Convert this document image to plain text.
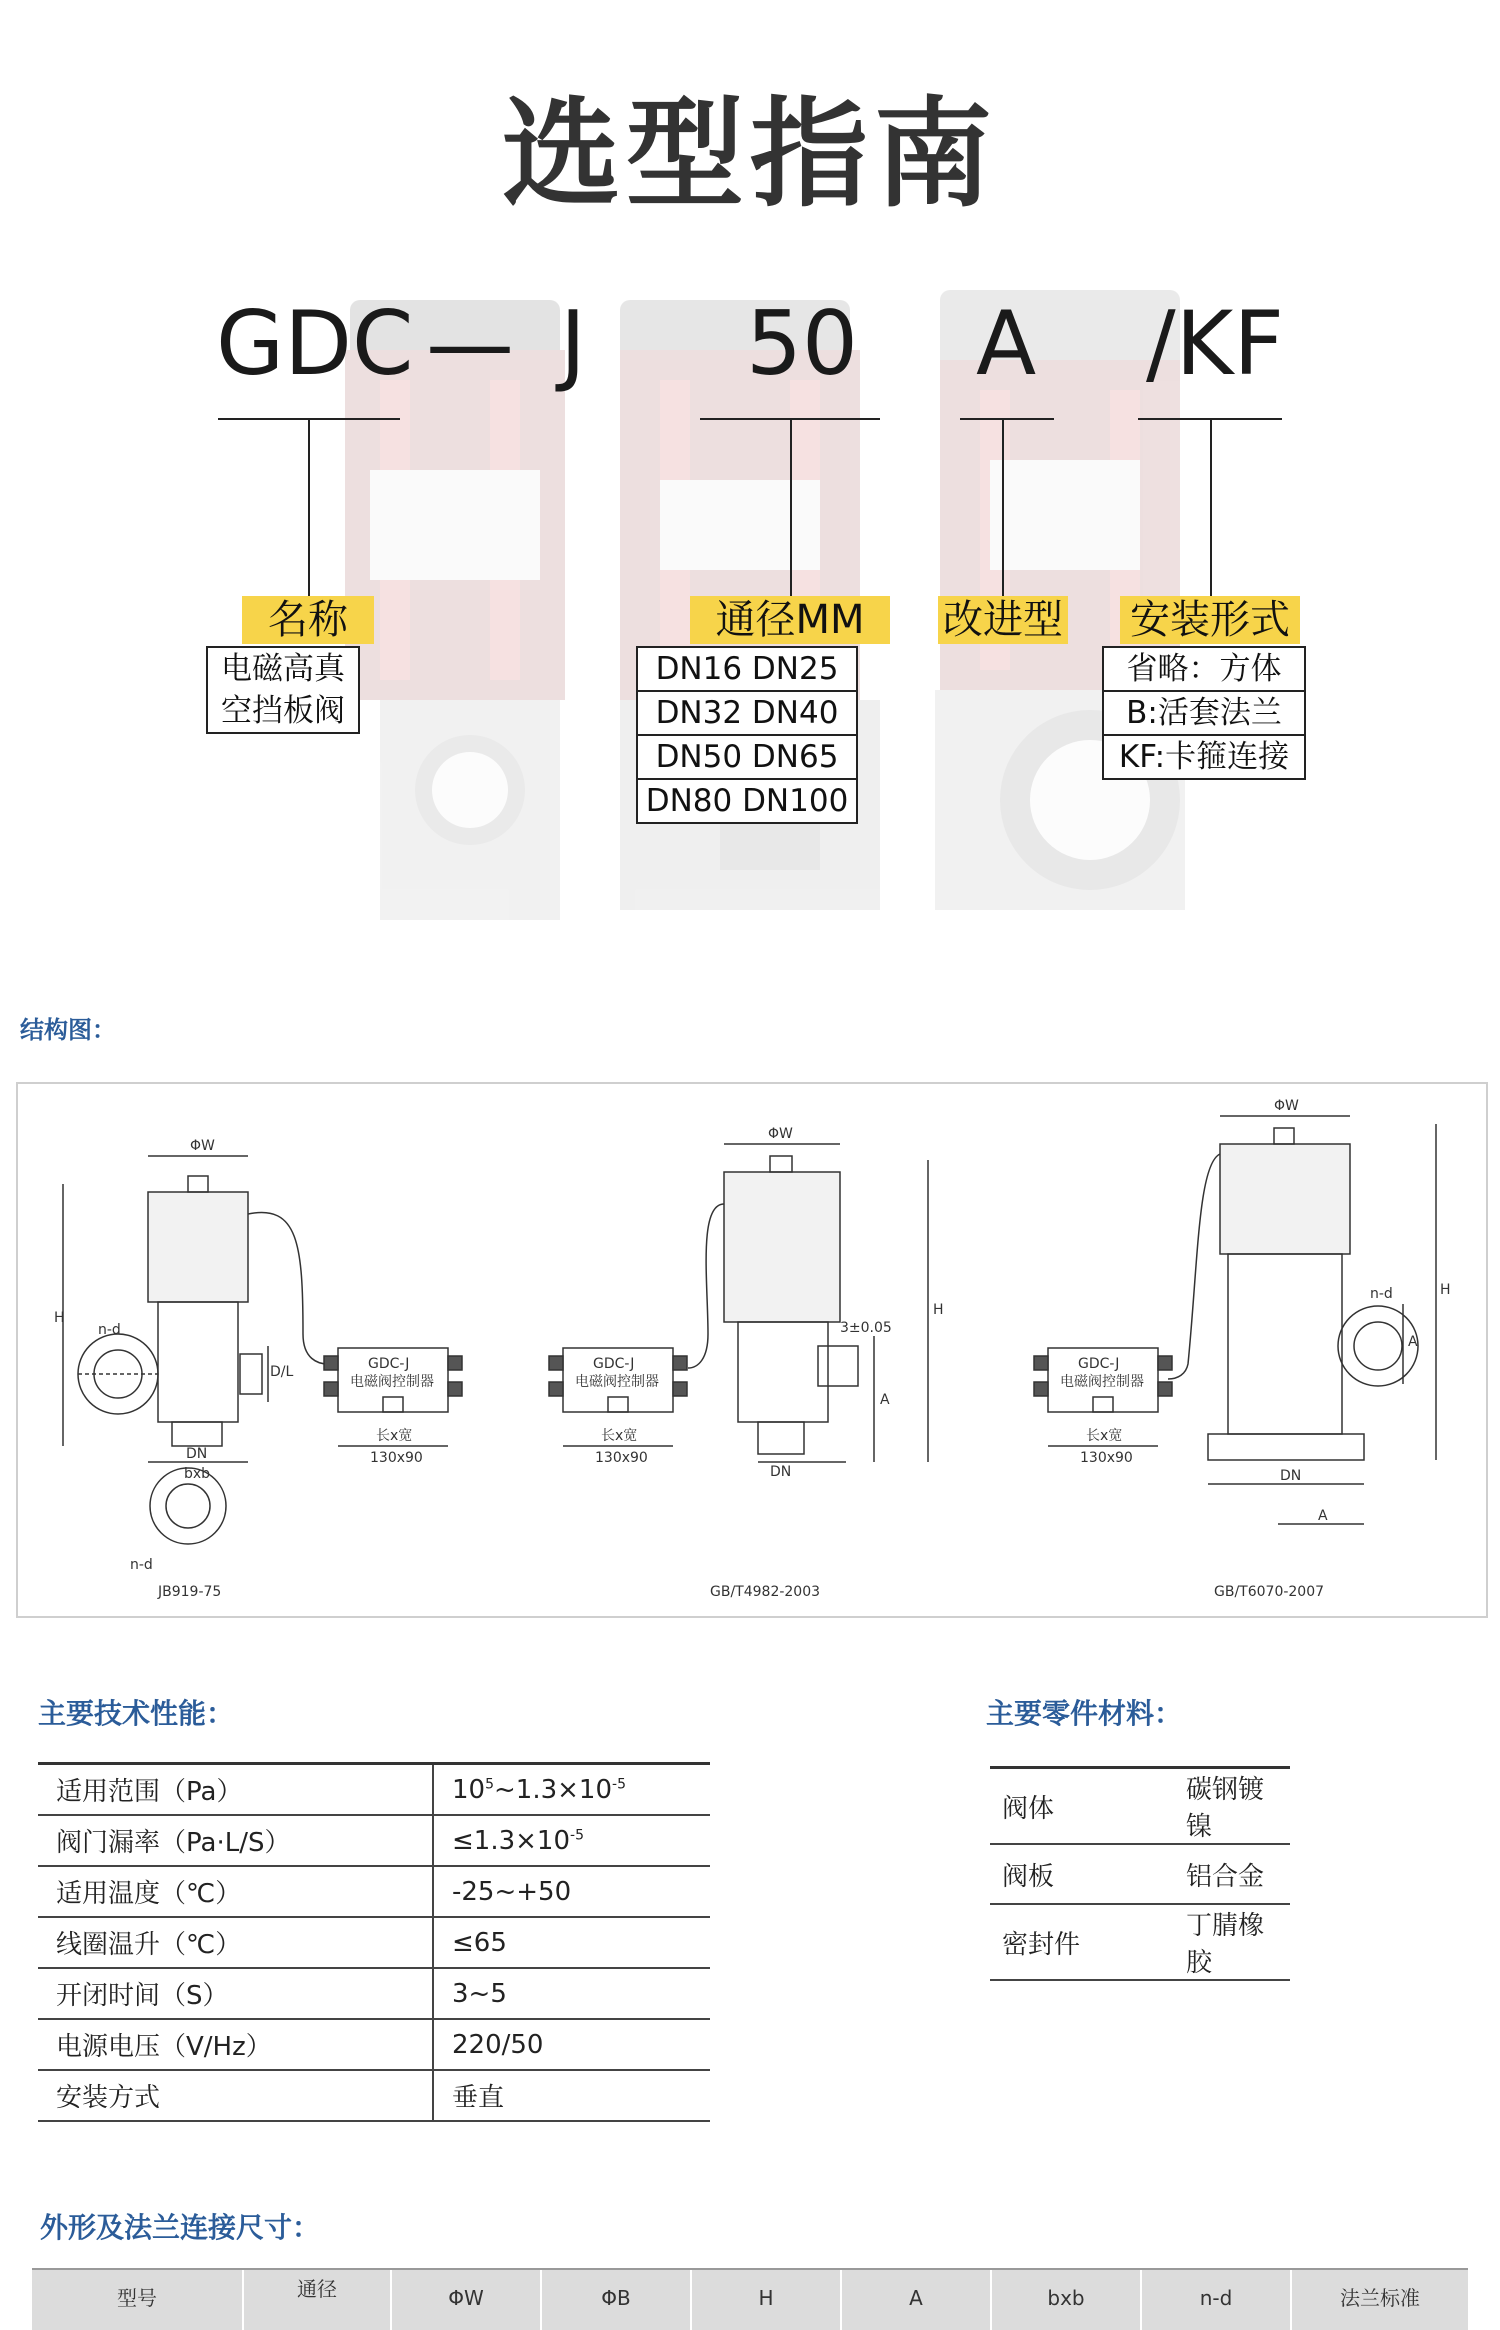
选型指南
GDC — J 50 A /KF
名称	通径MM	改进型 安装形式
电磁高真
空挡板阀
DN16 DN25
DN32 DN40
DN50 DN65
DN80 DN100
省略：方体
B:活套法兰
KF:卡箍连接
结构图：
ΦW
H
n-d
DN
bxb
D/L
n-d
ΦW
H
3±0.05
A
DN
ΦW
H
A
n-d
DN
A
GDC-J
电磁阀控制器
长x宽
130x90
GDC-J
电磁阀控制器
长x宽
130x90
GDC-J
电磁阀控制器
长x宽
130x90
JB919-75	GB/T4982-2003	GB/T6070-2007
主要技术性能：
适用范围（Pa）	$10^5\sim 1.3\times 10^{-5}$
阀门漏率（Pa·L/S）	$\le 1.3\times 10^{-5}$
适用温度（℃）	-25~+50
线圈温升（℃）	≤65
开闭时间（S）	3~5
电源电压（V/Hz）	220/50
安装方式	垂直
主要零件材料：
阀体	碳钢镀镍
阀板	铝合金
密封件	丁腈橡胶
外形及法兰连接尺寸：
型号	通径	ΦW	ΦB	H	A	bxb	n-d	法兰标准
